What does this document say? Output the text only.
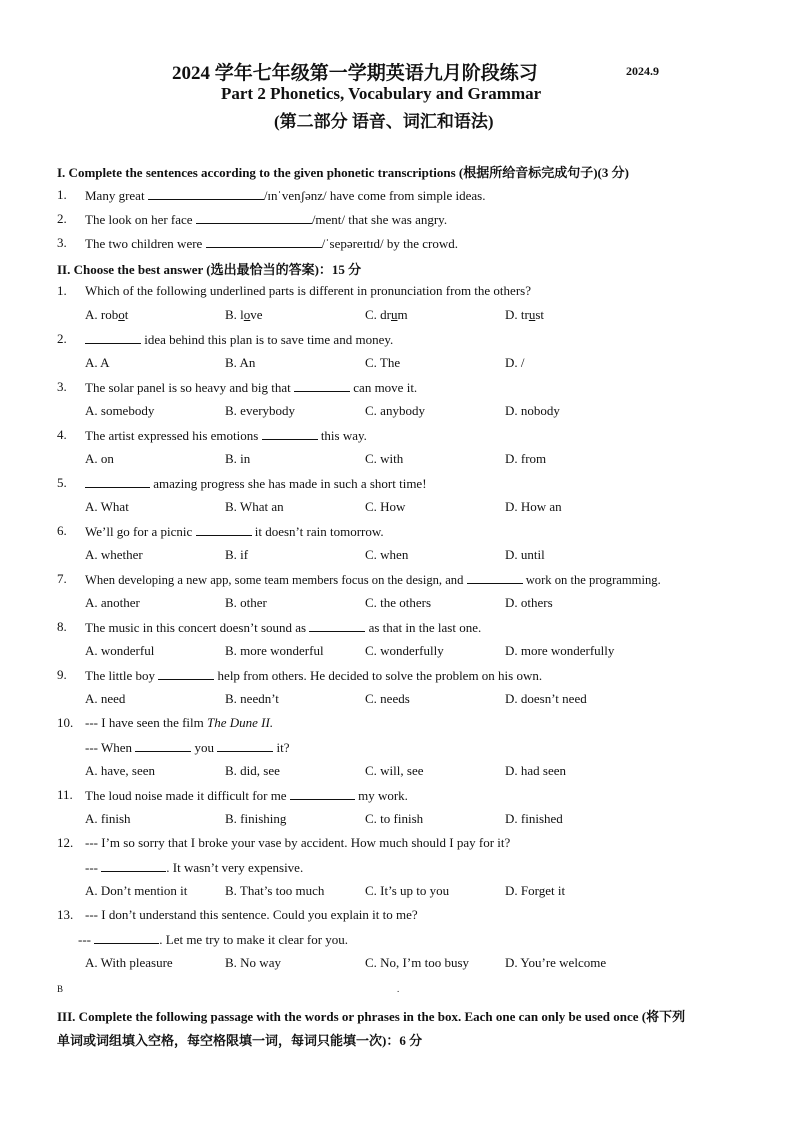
2024 学年七年级第一学期英语九月阶段练习	2024.9
Part 2 Phonetics, Vocabulary and Grammar
(第二部分 语音、词汇和语法)
I. Complete the sentences according to the given phonetic transcriptions (根据所给音标完成句子)(3 分)
1. Many great	/ɪnˈvenʃənz/ have come from simple ideas.
2. The look on her face	/ment/ that she was angry.
3. The two children were	/ˈsepəreɪtɪd/ by the crowd.
II. Choose the best answer (选出最恰当的答案)：15 分
1. Which of the following underlined parts is different in pronunciation from the others?
A. robot	B. love	C. drum	D. trust
2.	idea behind this plan is to save time and money.
A. A	B. An	C. The	D. /
3. The solar panel is so heavy and big that	can move it.
A. somebody	B. everybody	C. anybody	D. nobody
4. The artist expressed his emotions	this way.
A. on	B. in	C. with	D. from
5.	amazing progress she has made in such a short time!
A. What	B. What an	C. How	D. How an
6. We’ll go for a picnic	it doesn’t rain tomorrow.
A. whether	B. if	C. when	D. until
7. When developing a new app, some team members focus on the design, and	work on the programming.
A. another	B. other	C. the others	D. others
8. The music in this concert doesn’t sound as	as that in the last one.
A. wonderful	B. more wonderful	C. wonderfully	D. more wonderfully
9. The little boy	help from others. He decided to solve the problem on his own.
A. need	B. needn’t	C. needs	D. doesn’t need
10. --- I have seen the film The Dune II.
--- When	you	it?
A. have, seen	B. did, see	C. will, see	D. had seen
11. The loud noise made it difficult for me	my work.
A. finish	B. finishing	C. to finish	D. finished
12. --- I’m so sorry that I broke your vase by accident. How much should I pay for it?
---	. It wasn’t very expensive.
A. Don’t mention it	B. That’s too much	C. It’s up to you	D. Forget it
13. --- I don’t understand this sentence. Could you explain it to me?
---	. Let me try to make it clear for you.
A. With pleasure	B. No way	C. No, I’m too busy	D. You’re welcome
B	.
III. Complete the following passage with the words or phrases in the box. Each one can only be used once (将下列
单词或词组填入空格，每空格限填一词，每词只能填一次)：6 分
